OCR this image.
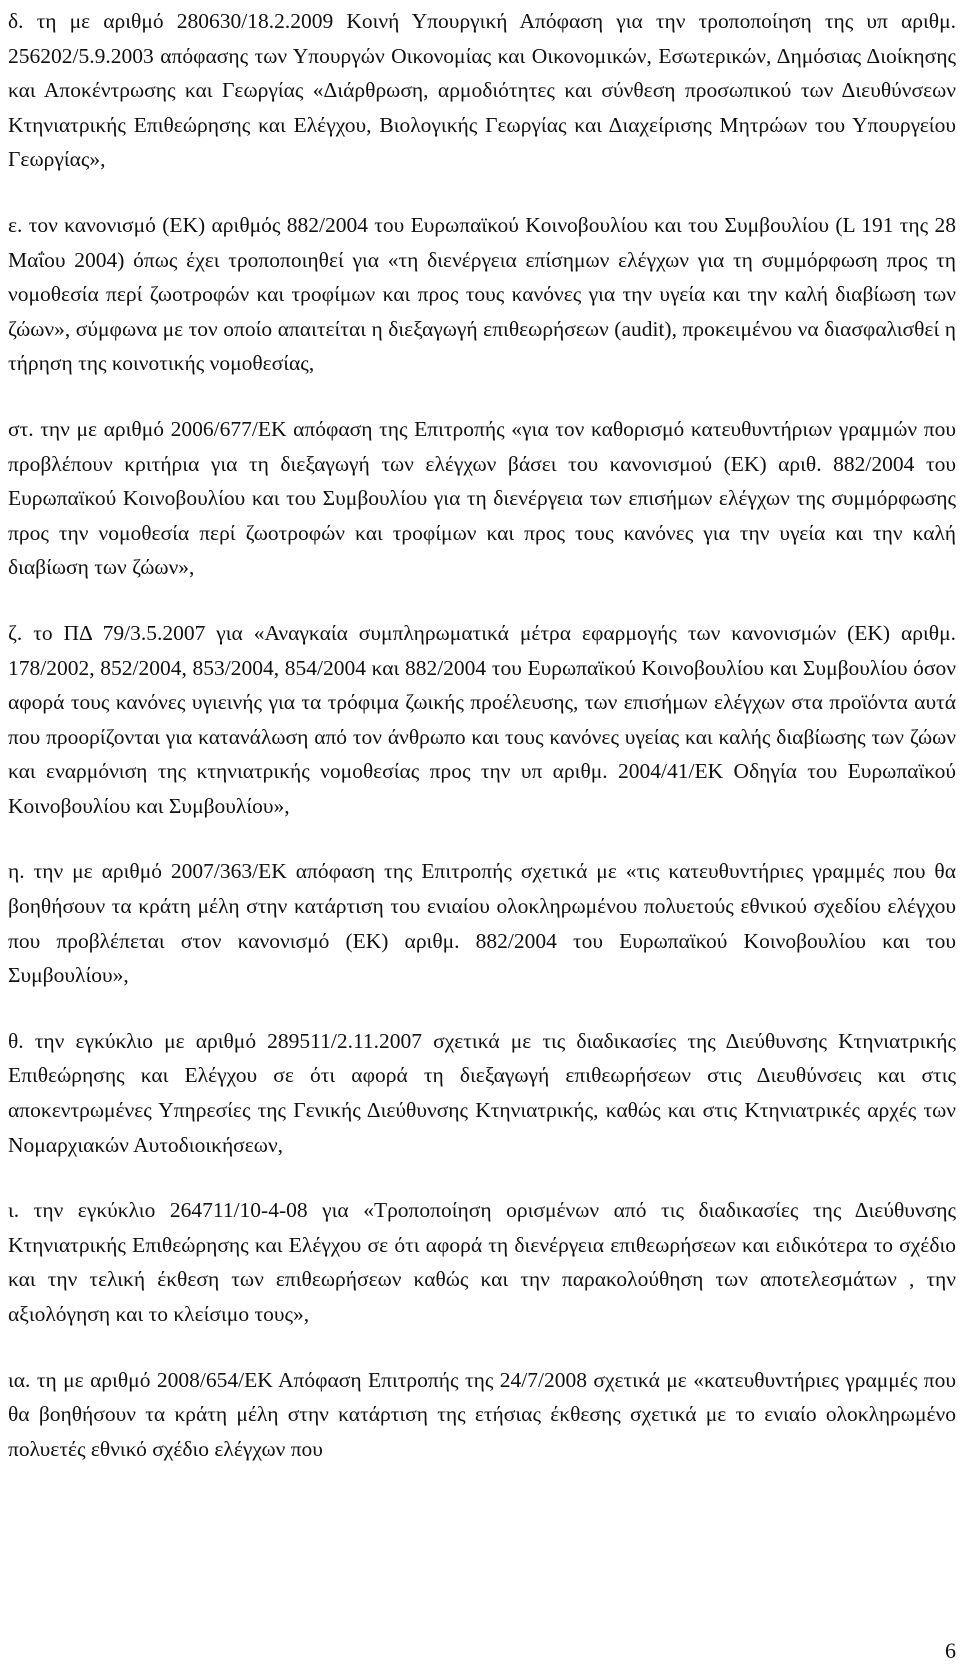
δ. τη με αριθμό 280630/18.2.2009 Κοινή Υπουργική Απόφαση για την τροποποίηση της υπ αριθμ. 256202/5.9.2003 απόφασης των Υπουργών Οικονομίας και Οικονομικών, Εσωτερικών, Δημόσιας Διοίκησης και Αποκέντρωσης και Γεωργίας «Διάρθρωση, αρμοδιότητες και σύνθεση προσωπικού των Διευθύνσεων Κτηνιατρικής Επιθεώρησης και Ελέγχου, Βιολογικής Γεωργίας και Διαχείρισης Μητρώων του Υπουργείου Γεωργίας»,

ε. τον κανονισμό (ΕΚ) αριθμός 882/2004 του Ευρωπαϊκού Κοινοβουλίου και του Συμβουλίου (L 191 της 28 Μαΐου 2004) όπως έχει τροποποιηθεί για «τη διενέργεια επίσημων ελέγχων για τη συμμόρφωση προς τη νομοθεσία περί ζωοτροφών και τροφίμων και προς τους κανόνες για την υγεία και την καλή διαβίωση των ζώων», σύμφωνα με τον οποίο απαιτείται η διεξαγωγή επιθεωρήσεων (audit), προκειμένου να διασφαλισθεί η τήρηση της κοινοτικής νομοθεσίας,

στ. την με αριθμό 2006/677/ΕΚ απόφαση της Επιτροπής «για τον καθορισμό κατευθυντήριων γραμμών που προβλέπουν κριτήρια για τη διεξαγωγή των ελέγχων βάσει του κανονισμού (ΕΚ) αριθ. 882/2004 του Ευρωπαϊκού Κοινοβουλίου και του Συμβουλίου για τη διενέργεια των επισήμων ελέγχων της συμμόρφωσης προς την νομοθεσία περί ζωοτροφών και τροφίμων και προς τους κανόνες για την υγεία και την καλή διαβίωση των ζώων»,

ζ. το ΠΔ 79/3.5.2007 για «Αναγκαία συμπληρωματικά μέτρα εφαρμογής των κανονισμών (ΕΚ) αριθμ. 178/2002, 852/2004, 853/2004, 854/2004 και 882/2004 του Ευρωπαϊκού Κοινοβουλίου και Συμβουλίου όσον αφορά τους κανόνες υγιεινής για τα τρόφιμα ζωικής προέλευσης, των επισήμων ελέγχων στα προϊόντα αυτά που προορίζονται για κατανάλωση από τον άνθρωπο και τους κανόνες υγείας και καλής διαβίωσης των ζώων και εναρμόνιση της κτηνιατρικής νομοθεσίας προς την υπ αριθμ. 2004/41/ΕΚ Οδηγία του Ευρωπαϊκού Κοινοβουλίου και Συμβουλίου»,

η. την με αριθμό 2007/363/ΕΚ απόφαση της Επιτροπής σχετικά με «τις κατευθυντήριες γραμμές που θα βοηθήσουν τα κράτη μέλη στην κατάρτιση του ενιαίου ολοκληρωμένου πολυετούς εθνικού σχεδίου ελέγχου που προβλέπεται στον κανονισμό (ΕΚ) αριθμ. 882/2004 του Ευρωπαϊκού Κοινοβουλίου και του Συμβουλίου»,

θ. την εγκύκλιο με αριθμό 289511/2.11.2007 σχετικά με τις διαδικασίες της Διεύθυνσης Κτηνιατρικής Επιθεώρησης και Ελέγχου σε ότι αφορά τη διεξαγωγή επιθεωρήσεων στις Διευθύνσεις και στις αποκεντρωμένες Υπηρεσίες της Γενικής Διεύθυνσης Κτηνιατρικής, καθώς και στις Κτηνιατρικές αρχές των Νομαρχιακών Αυτοδιοικήσεων,

ι. την εγκύκλιο 264711/10-4-08 για «Τροποποίηση ορισμένων από τις διαδικασίες της Διεύθυνσης Κτηνιατρικής Επιθεώρησης και Ελέγχου σε ότι αφορά τη διενέργεια επιθεωρήσεων και ειδικότερα το σχέδιο και την τελική έκθεση των επιθεωρήσεων καθώς και την παρακολούθηση των αποτελεσμάτων , την αξιολόγηση και το κλείσιμο τους»,

ια. τη με αριθμό 2008/654/ΕΚ Απόφαση Επιτροπής της 24/7/2008 σχετικά με «κατευθυντήριες γραμμές που θα βοηθήσουν τα κράτη μέλη στην κατάρτιση της ετήσιας έκθεσης σχετικά με το ενιαίο ολοκληρωμένο πολυετές εθνικό σχέδιο ελέγχων που

6
